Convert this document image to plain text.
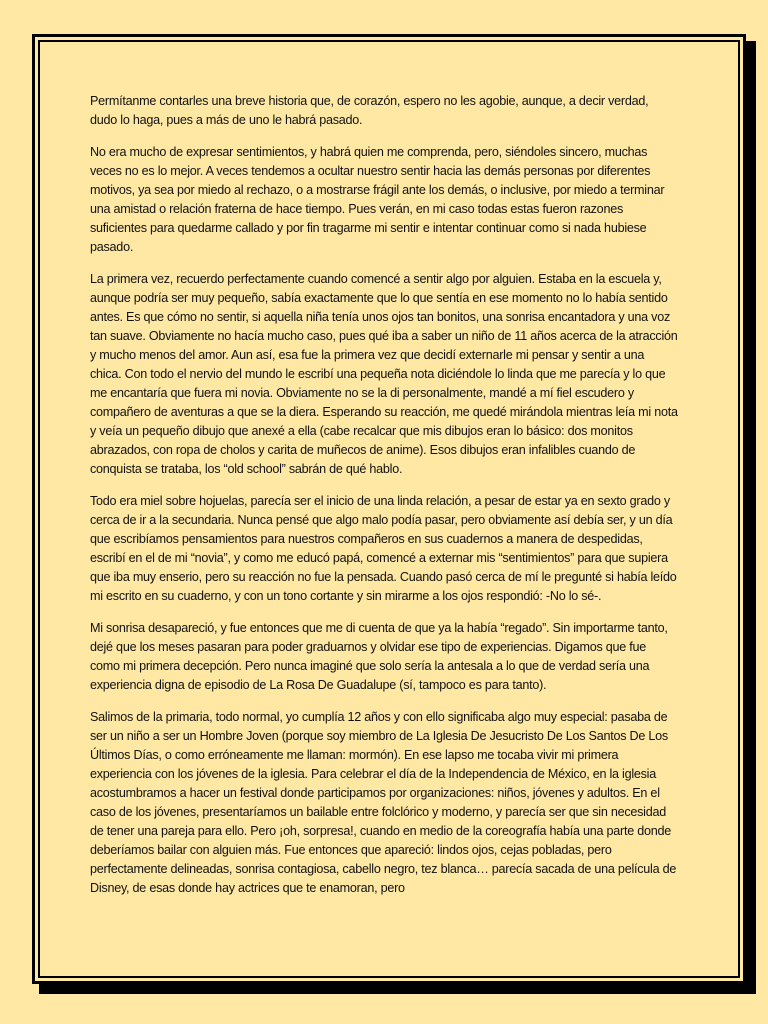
Permítanme contarles una breve historia que, de corazón, espero no les agobie, aunque, a decir verdad, dudo lo haga, pues a más de uno le habrá pasado.

No era mucho de expresar sentimientos, y habrá quien me comprenda, pero, siéndoles sincero, muchas veces no es lo mejor. A veces tendemos a ocultar nuestro sentir hacia las demás personas por diferentes motivos, ya sea por miedo al rechazo, o a mostrarse frágil ante los demás, o inclusive, por miedo a terminar una amistad o relación fraterna de hace tiempo. Pues verán, en mi caso todas estas fueron razones suficientes para quedarme callado y por fin tragarme mi sentir e intentar continuar como si nada hubiese pasado.

La primera vez, recuerdo perfectamente cuando comencé a sentir algo por alguien. Estaba en la escuela y, aunque podría ser muy pequeño, sabía exactamente que lo que sentía en ese momento no lo había sentido antes. Es que cómo no sentir, si aquella niña tenía unos ojos tan bonitos, una sonrisa encantadora y una voz tan suave. Obviamente no hacía mucho caso, pues qué iba a saber un niño de 11 años acerca de la atracción y mucho menos del amor. Aun así, esa fue la primera vez que decidí externarle mi pensar y sentir a una chica. Con todo el nervio del mundo le escribí una pequeña nota diciéndole lo linda que me parecía y lo que me encantaría que fuera mi novia. Obviamente no se la di personalmente, mandé a mí fiel escudero y compañero de aventuras a que se la diera. Esperando su reacción, me quedé mirándola mientras leía mi nota y veía un pequeño dibujo que anexé a ella (cabe recalcar que mis dibujos eran lo básico: dos monitos abrazados, con ropa de cholos y carita de muñecos de anime). Esos dibujos eran infalibles cuando de conquista se trataba, los “old school” sabrán de qué hablo.

Todo era miel sobre hojuelas, parecía ser el inicio de una linda relación, a pesar de estar ya en sexto grado y cerca de ir a la secundaria. Nunca pensé que algo malo podía pasar, pero obviamente así debía ser, y un día que escribíamos pensamientos para nuestros compañeros en sus cuadernos a manera de despedidas, escribí en el de mi “novia”, y como me educó papá, comencé a externar mis “sentimientos” para que supiera que iba muy enserio, pero su reacción no fue la pensada. Cuando pasó cerca de mí le pregunté si había leído mi escrito en su cuaderno, y con un tono cortante y sin mirarme a los ojos respondió: -No lo sé-.

Mi sonrisa desapareció, y fue entonces que me di cuenta de que ya la había “regado”. Sin importarme tanto, dejé que los meses pasaran para poder graduarnos y olvidar ese tipo de experiencias. Digamos que fue como mi primera decepción. Pero nunca imaginé que solo sería la antesala a lo que de verdad sería una experiencia digna de episodio de La Rosa De Guadalupe (sí, tampoco es para tanto).

Salimos de la primaria, todo normal, yo cumplía 12 años y con ello significaba algo muy especial: pasaba de ser un niño a ser un Hombre Joven (porque soy miembro de La Iglesia De Jesucristo De Los Santos De Los Últimos Días, o como erróneamente me llaman: mormón). En ese lapso me tocaba vivir mi primera experiencia con los jóvenes de la iglesia. Para celebrar el día de la Independencia de México, en la iglesia acostumbramos a hacer un festival donde participamos por organizaciones: niños, jóvenes y adultos. En el caso de los jóvenes, presentaríamos un bailable entre folclórico y moderno, y parecía ser que sin necesidad de tener una pareja para ello. Pero ¡oh, sorpresa!, cuando en medio de la coreografía había una parte donde deberíamos bailar con alguien más. Fue entonces que apareció: lindos ojos, cejas pobladas, pero perfectamente delineadas, sonrisa contagiosa, cabello negro, tez blanca… parecía sacada de una película de Disney, de esas donde hay actrices que te enamoran, pero
